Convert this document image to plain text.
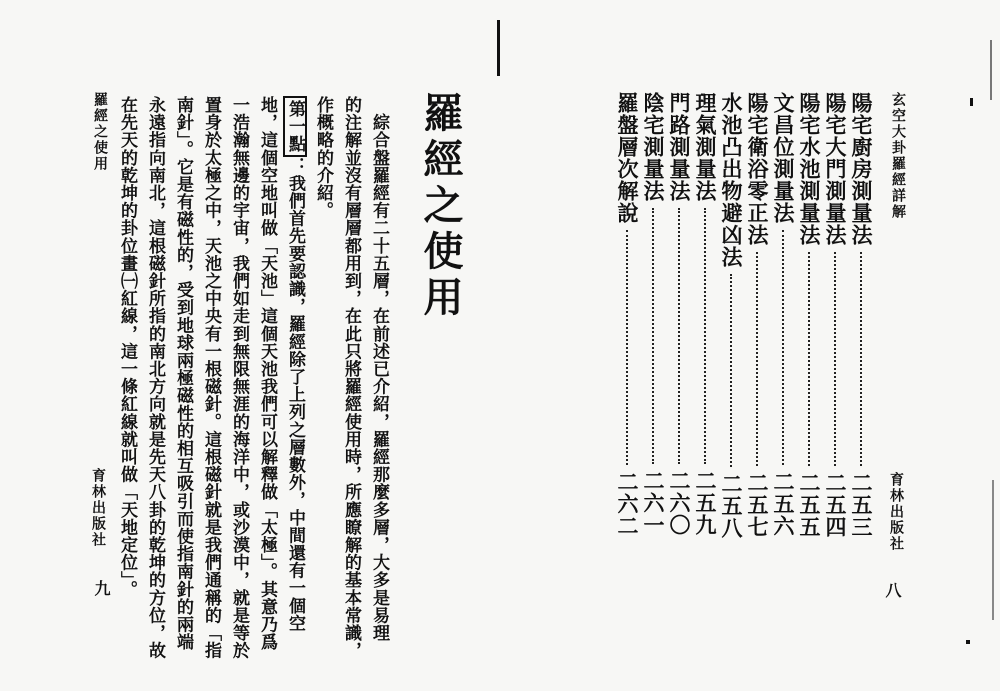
玄空大卦羅經詳解
育林出版社
八
陽宅廚房測量法二五三
陽宅大門測量法二五四
陽宅水池測量法二五五
文昌位測量法二五六
陽宅衛浴零正法二五七
水池凸出物避凶法二五八
理氣測量法二五九
門路測量法二六〇
陰宅測量法二六一
羅盤層次解說二六二
羅經之使用
　綜合盤羅經有二十五層，在前述已介紹，羅經那麼多層，大多是易理
的注解並沒有層層都用到，在此只將羅經使用時，所應瞭解的基本常識，
作概略的介紹。
第一點：我們首先要認識，羅經除了上列之層數外，中間還有一個空
地，這個空地叫做「天池」這個天池我們可以解釋做「太極」。其意乃爲
一浩瀚無邊的宇宙，我們如走到無限無涯的海洋中，或沙漠中，就是等於
置身於太極之中，天池之中央有一根磁針。這根磁針就是我們通稱的「指
南針」。它是有磁性的，受到地球兩極磁性的相互吸引而使指南針的兩端
永遠指向南北，這根磁針所指的南北方向就是先天八卦的乾坤的方位，故
在先天的乾坤的卦位畫㈠紅線，這一條紅線就叫做「天地定位」。
羅經之使用
育林出版社
九
